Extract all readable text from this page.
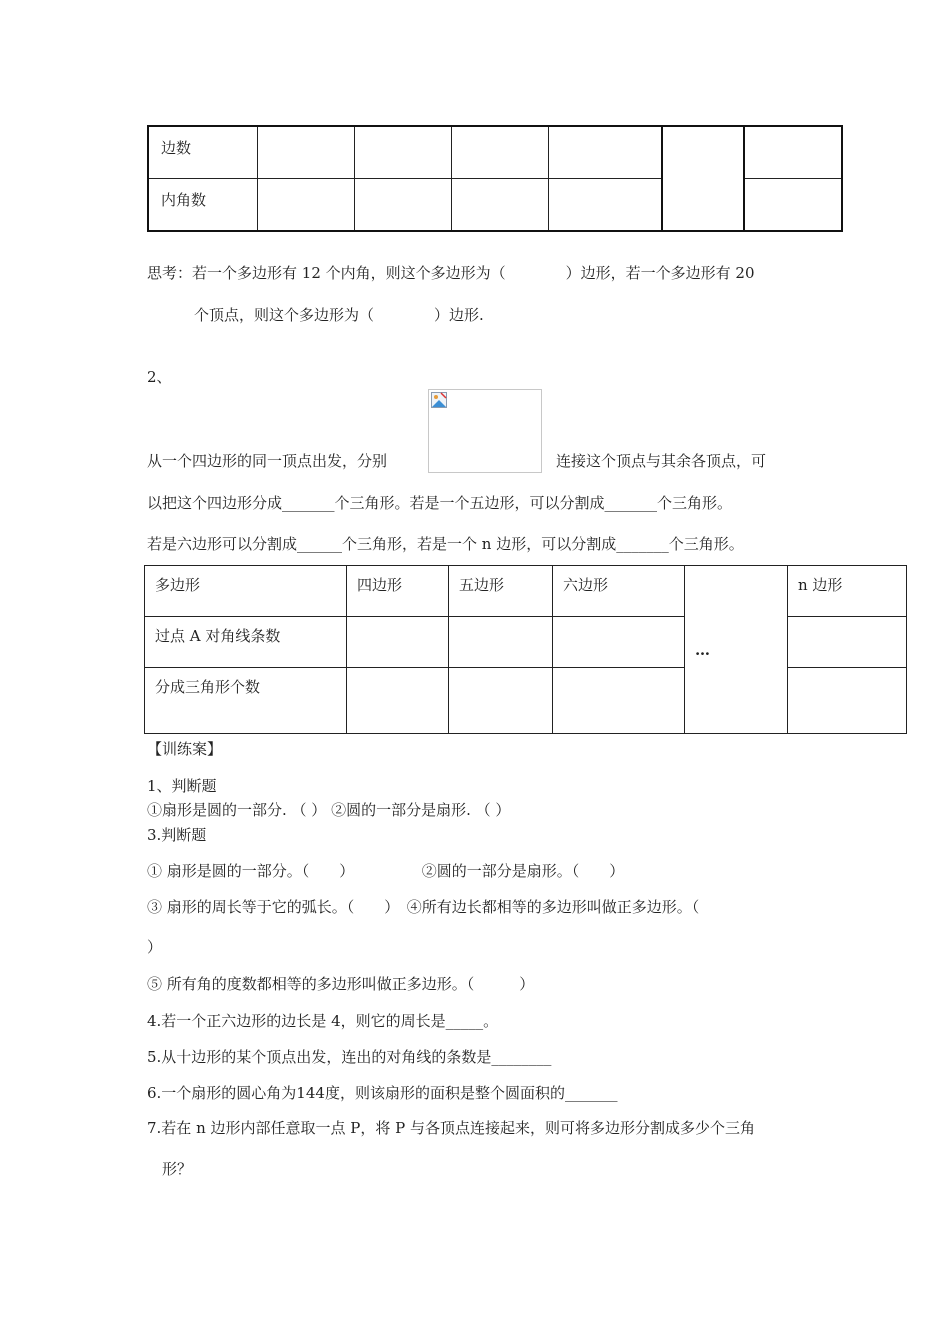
边数						
内角数						
思考：若一个多边形有 12 个内角，则这个多边形为（　　　　）边形，若一个多边形有 20
个顶点，则这个多边形为（　　　　）边形.
2、
从一个四边形的同一顶点出发，分别	连接这个顶点与其余各顶点，可
以把这个四边形分成_______个三角形。若是一个五边形，可以分割成_______个三角形。
若是六边形可以分割成______个三角形，若是一个 n 边形，可以分割成_______个三角形。
多边形	四边形	五边形	六边形	…	n 边形
过点 A 对角线条数					
分成三角形个数					
【训练案】
1、判断题
①扇形是圆的一部分. （ ） ②圆的一部分是扇形. （ ）
3.判断题
① 扇形是圆的一部分。（　　）　　　　　②圆的一部分是扇形。（　　）
③ 扇形的周长等于它的弧长。（　　）　④所有边长都相等的多边形叫做正多边形。（
）
⑤ 所有角的度数都相等的多边形叫做正多边形。（　　　）
4.若一个正六边形的边长是 4，则它的周长是_____。
5.从十边形的某个顶点出发，连出的对角线的条数是________
6.一个扇形的圆心角为144度，则该扇形的面积是整个圆面积的_______
7.若在 n 边形内部任意取一点 P，将 P 与各顶点连接起来，则可将多边形分割成多少个三角
形？
